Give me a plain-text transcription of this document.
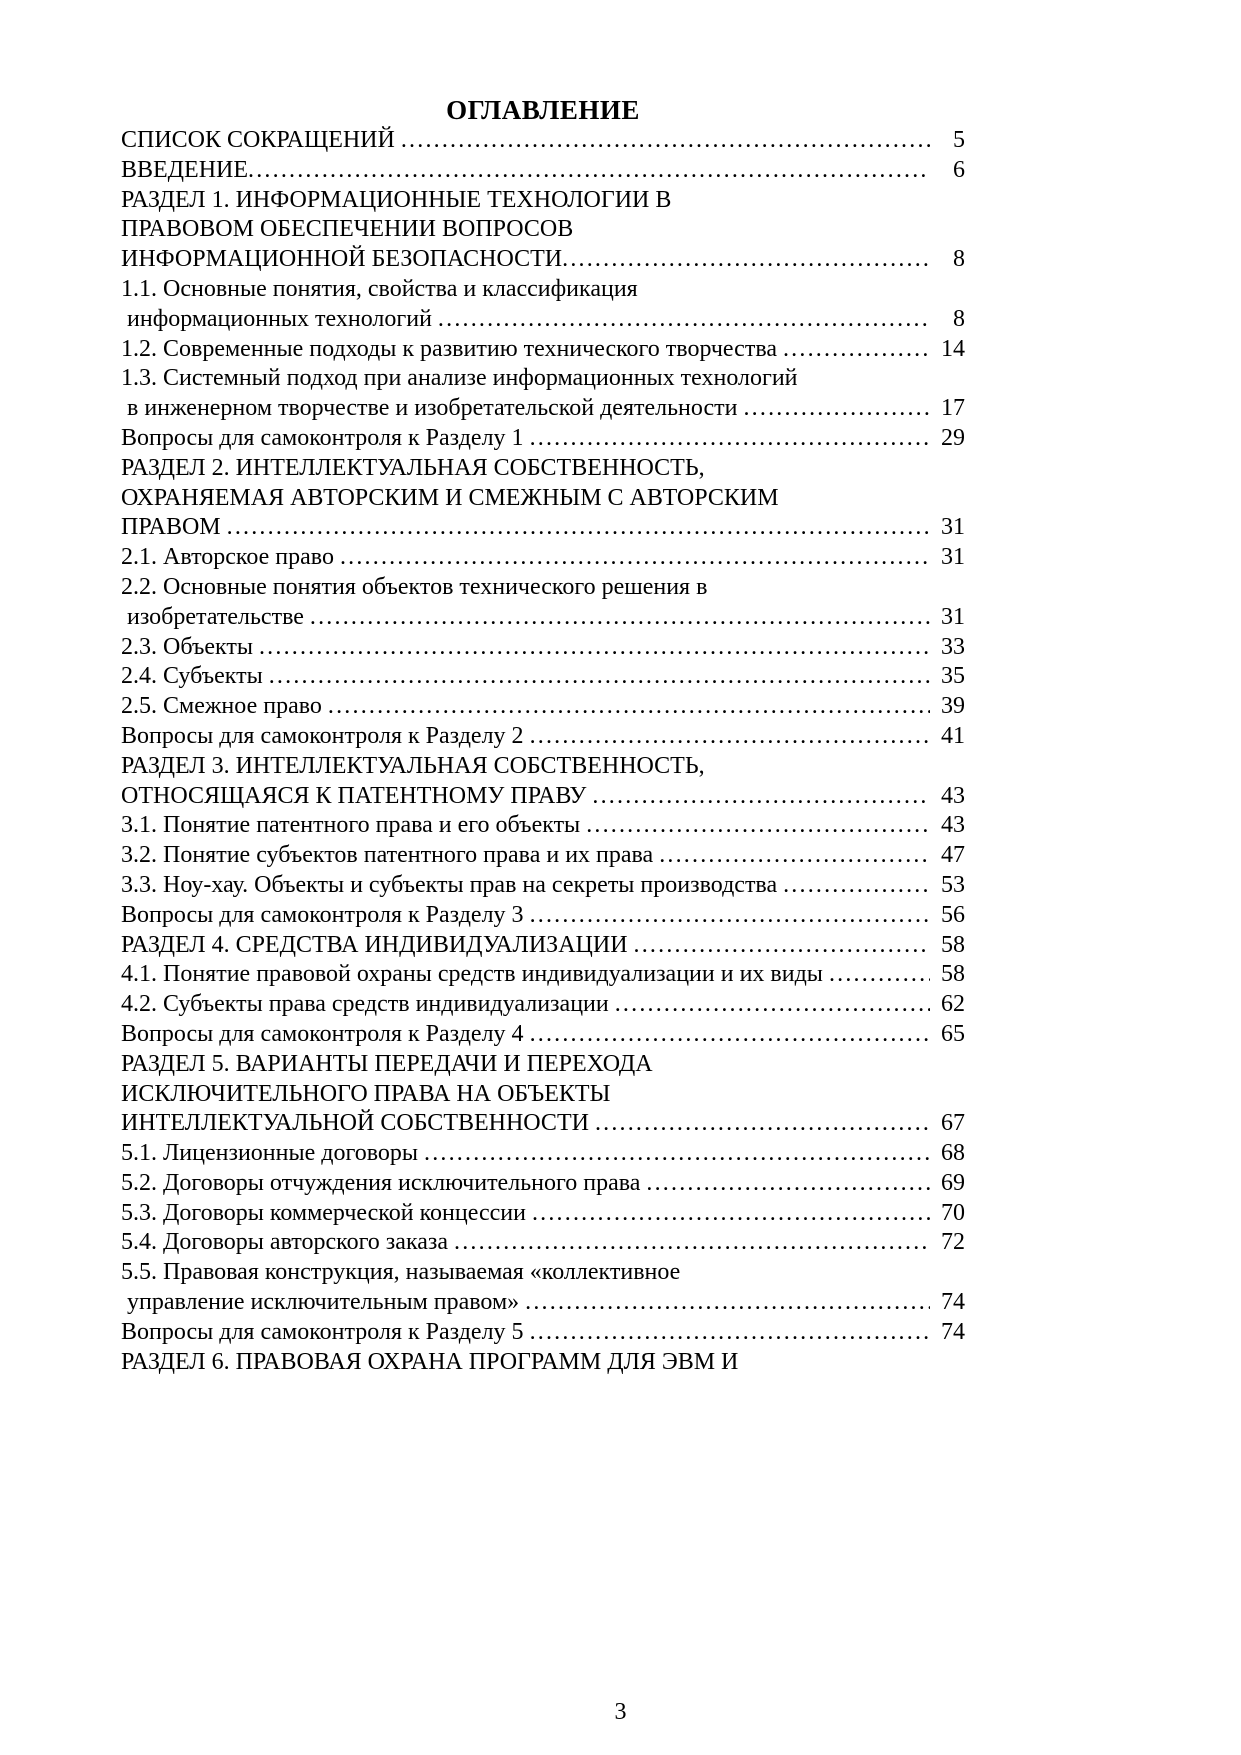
ОГЛАВЛЕНИЕ
СПИСОК СОКРАЩЕНИЙ .....	5
ВВЕДЕНИЕ .....	6
РАЗДЕЛ 1. ИНФОРМАЦИОННЫЕ ТЕХНОЛОГИИ В
ПРАВОВОМ ОБЕСПЕЧЕНИИ ВОПРОСОВ
ИНФОРМАЦИОННОЙ БЕЗОПАСНОСТИ .....	8
1.1. Основные понятия, свойства и классификация
информационных технологий .....	8
1.2. Современные подходы к развитию технического творчества .....	14
1.3. Системный подход при анализе информационных технологий
в инженерном творчестве и изобретательской деятельности .....	17
Вопросы для самоконтроля к Разделу 1 .....	29
РАЗДЕЛ 2. ИНТЕЛЛЕКТУАЛЬНАЯ СОБСТВЕННОСТЬ,
ОХРАНЯЕМАЯ АВТОРСКИМ И СМЕЖНЫМ С АВТОРСКИМ
ПРАВОМ .....	31
2.1. Авторское право .....	31
2.2. Основные понятия объектов технического решения в
изобретательстве .....	31
2.3. Объекты .....	33
2.4. Субъекты .....	35
2.5. Смежное право .....	39
Вопросы для самоконтроля к Разделу 2 .....	41
РАЗДЕЛ 3. ИНТЕЛЛЕКТУАЛЬНАЯ СОБСТВЕННОСТЬ,
ОТНОСЯЩАЯСЯ К ПАТЕНТНОМУ ПРАВУ .....	43
3.1. Понятие патентного права и его объекты .....	43
3.2. Понятие субъектов патентного права и их права .....	47
3.3. Ноу-хау. Объекты и субъекты прав на секреты производства .....	53
Вопросы для самоконтроля к Разделу 3 .....	56
РАЗДЕЛ 4. СРЕДСТВА ИНДИВИДУАЛИЗАЦИИ .....	58
4.1. Понятие правовой охраны средств индивидуализации и их виды .....	58
4.2. Субъекты права средств индивидуализации .....	62
Вопросы для самоконтроля к Разделу 4 .....	65
РАЗДЕЛ 5. ВАРИАНТЫ ПЕРЕДАЧИ И ПЕРЕХОДА
ИСКЛЮЧИТЕЛЬНОГО ПРАВА НА ОБЪЕКТЫ
ИНТЕЛЛЕКТУАЛЬНОЙ СОБСТВЕННОСТИ .....	67
5.1. Лицензионные договоры .....	68
5.2. Договоры отчуждения исключительного права .....	69
5.3. Договоры коммерческой концессии .....	70
5.4. Договоры авторского заказа .....	72
5.5. Правовая конструкция, называемая «коллективное
управление исключительным правом» .....	74
Вопросы для самоконтроля к Разделу 5 .....	74
РАЗДЕЛ 6. ПРАВОВАЯ ОХРАНА ПРОГРАММ ДЛЯ ЭВМ И
3
